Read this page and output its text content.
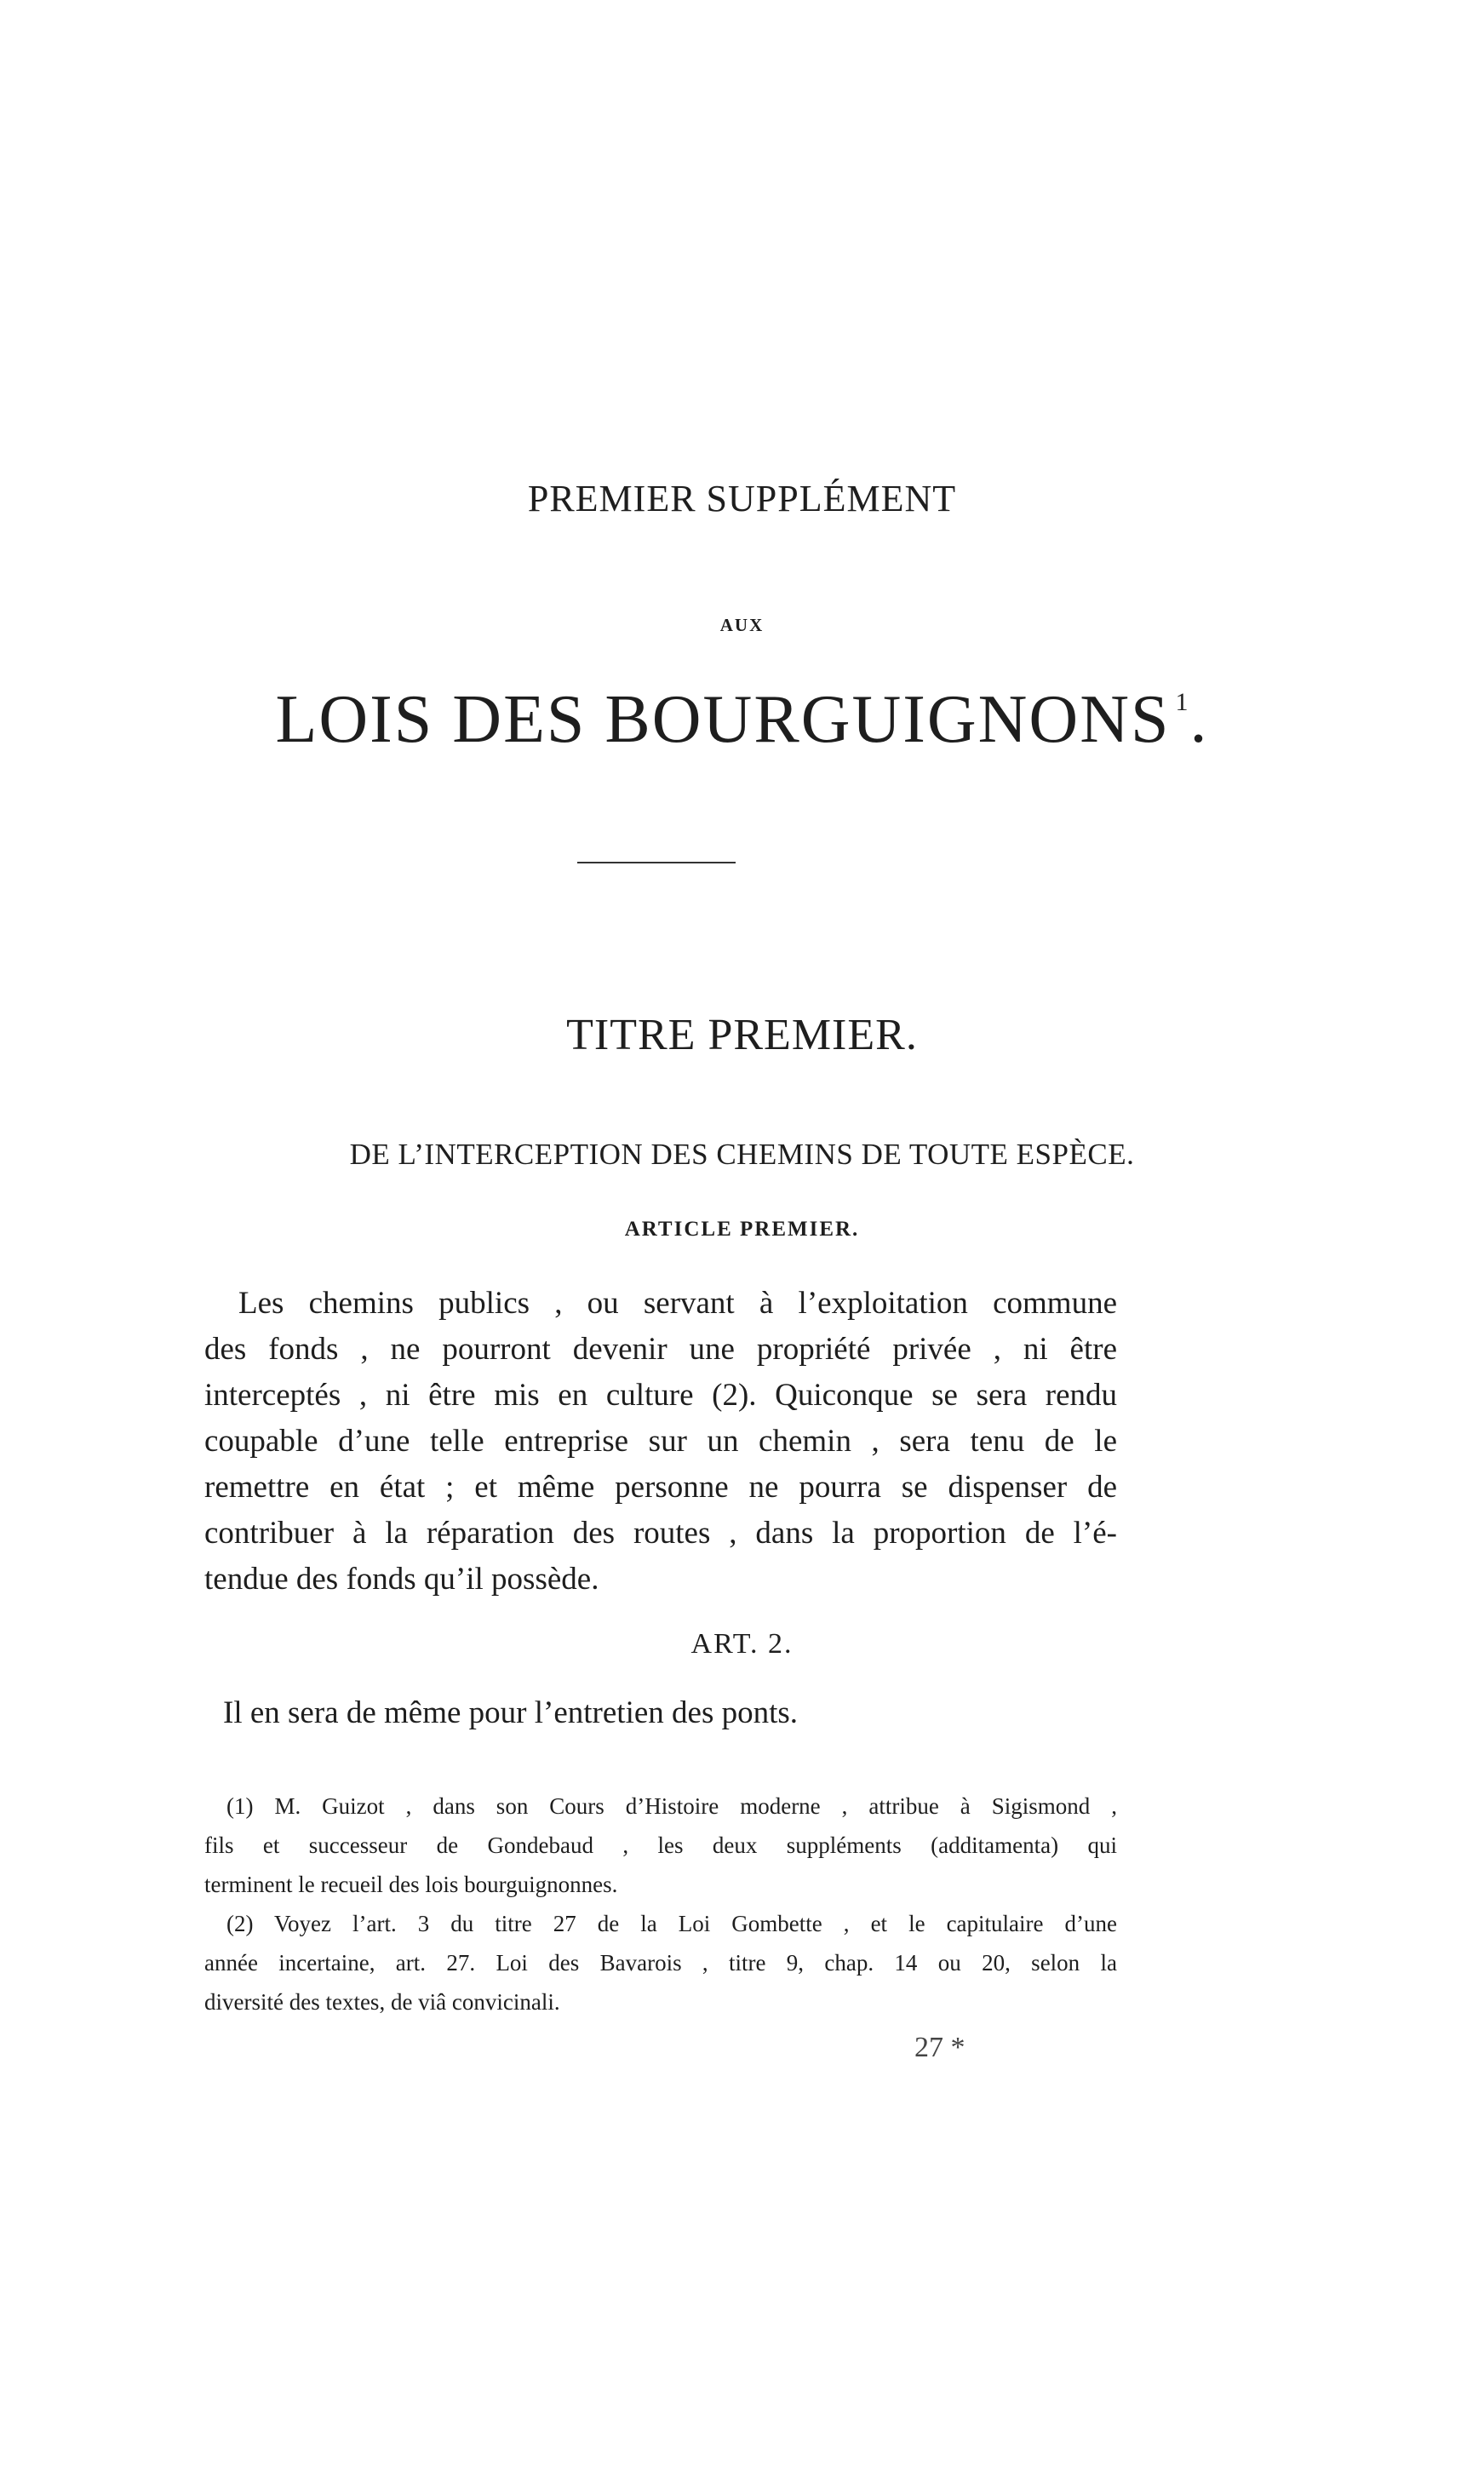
PREMIER SUPPLÉMENT
AUX
LOIS DES BOURGUIGNONS $^1$.
TITRE PREMIER.
DE L’INTERCEPTION DES CHEMINS DE TOUTE ESPÈCE.
ARTICLE PREMIER.
Les chemins publics , ou servant à l’exploitation commune
des fonds , ne pourront devenir une propriété privée , ni être
interceptés , ni être mis en culture (2). Quiconque se sera rendu
coupable d’une telle entreprise sur un chemin , sera tenu de le
remettre en état ; et même personne ne pourra se dispenser de
contribuer à la réparation des routes , dans la proportion de l’é-
tendue des fonds qu’il possède.
ART. 2.
Il en sera de même pour l’entretien des ponts.
(1) M. Guizot , dans son Cours d’Histoire moderne , attribue à Sigismond ,
fils et successeur de Gondebaud , les deux suppléments (additamenta) qui
terminent le recueil des lois bourguignonnes.
(2) Voyez l’art. 3 du titre 27 de la Loi Gombette , et le capitulaire d’une
année incertaine, art. 27. Loi des Bavarois , titre 9, chap. 14 ou 20, selon la
diversité des textes, de viâ convicinali.
27 *
